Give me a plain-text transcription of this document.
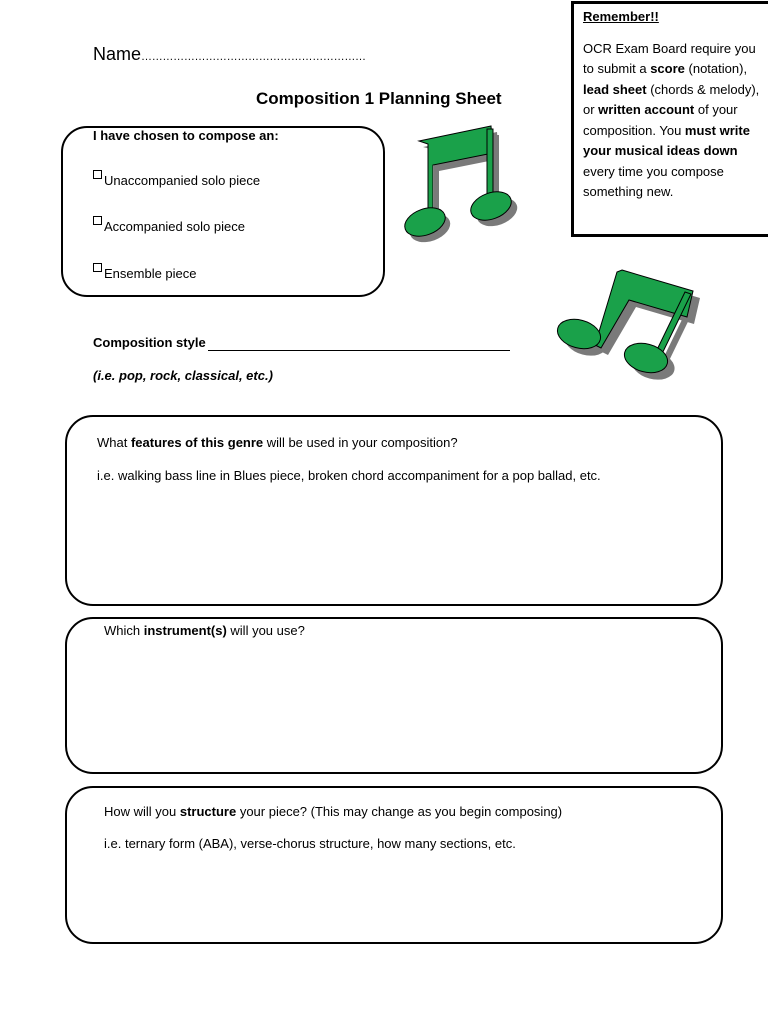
Name………………………………………………………
Composition 1 Planning Sheet
Remember!!
OCR Exam Board require you to submit a score (notation), lead sheet (chords & melody), or written account of your composition. You must write your musical ideas down every time you compose something new.
I have chosen to compose an:
Unaccompanied solo piece
Accompanied solo piece
Ensemble piece
Composition style
(i.e. pop, rock, classical, etc.)
What features of this genre will be used in your composition?
i.e. walking bass line in Blues piece, broken chord accompaniment for a pop ballad, etc.
Which instrument(s) will you use?
How will you structure your piece? (This may change as you begin composing)
i.e. ternary form (ABA), verse-chorus structure, how many sections, etc.
